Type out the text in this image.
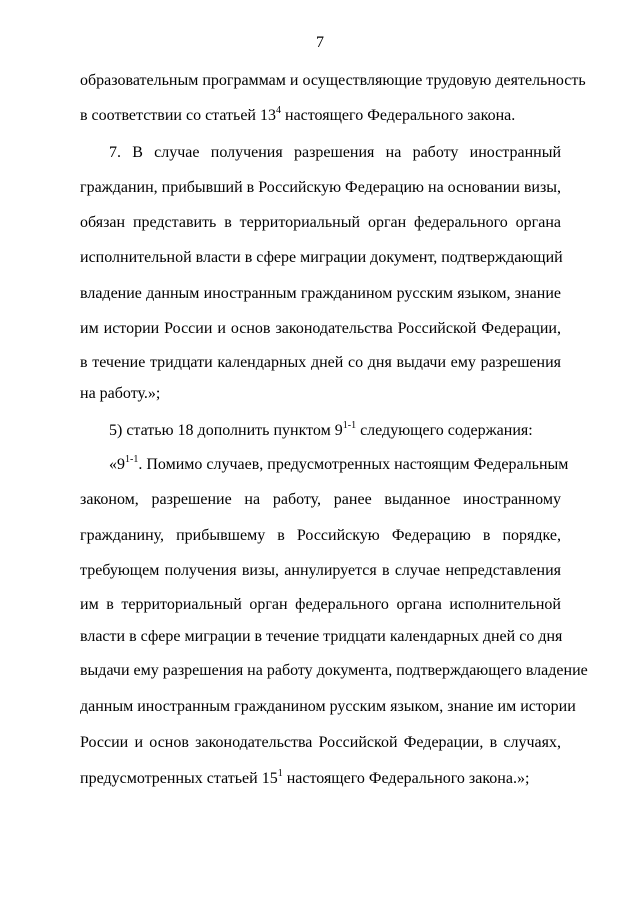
7
образовательным программам и осуществляющие трудовую деятельность
в соответствии со статьей $13^4$ настоящего Федерального закона.
7. В случае получения разрешения на работу иностранный
гражданин, прибывший в Российскую Федерацию на основании визы,
обязан представить в территориальный орган федерального органа
исполнительной власти в сфере миграции документ, подтверждающий
владение данным иностранным гражданином русским языком, знание
им истории России и основ законодательства Российской Федерации,
в течение тридцати календарных дней со дня выдачи ему разрешения
на работу.»;
5) статью 18 дополнить пунктом 9$^{1-1}$ следующего содержания:
«9$^{1-1}$. Помимо случаев, предусмотренных настоящим Федеральным
законом, разрешение на работу, ранее выданное иностранному
гражданину, прибывшему в Российскую Федерацию в порядке,
требующем получения визы, аннулируется в случае непредставления
им в территориальный орган федерального органа исполнительной
власти в сфере миграции в течение тридцати календарных дней со дня
выдачи ему разрешения на работу документа, подтверждающего владение
данным иностранным гражданином русским языком, знание им истории
России и основ законодательства Российской Федерации, в случаях,
предусмотренных статьей $15^1$ настоящего Федерального закона.»;
